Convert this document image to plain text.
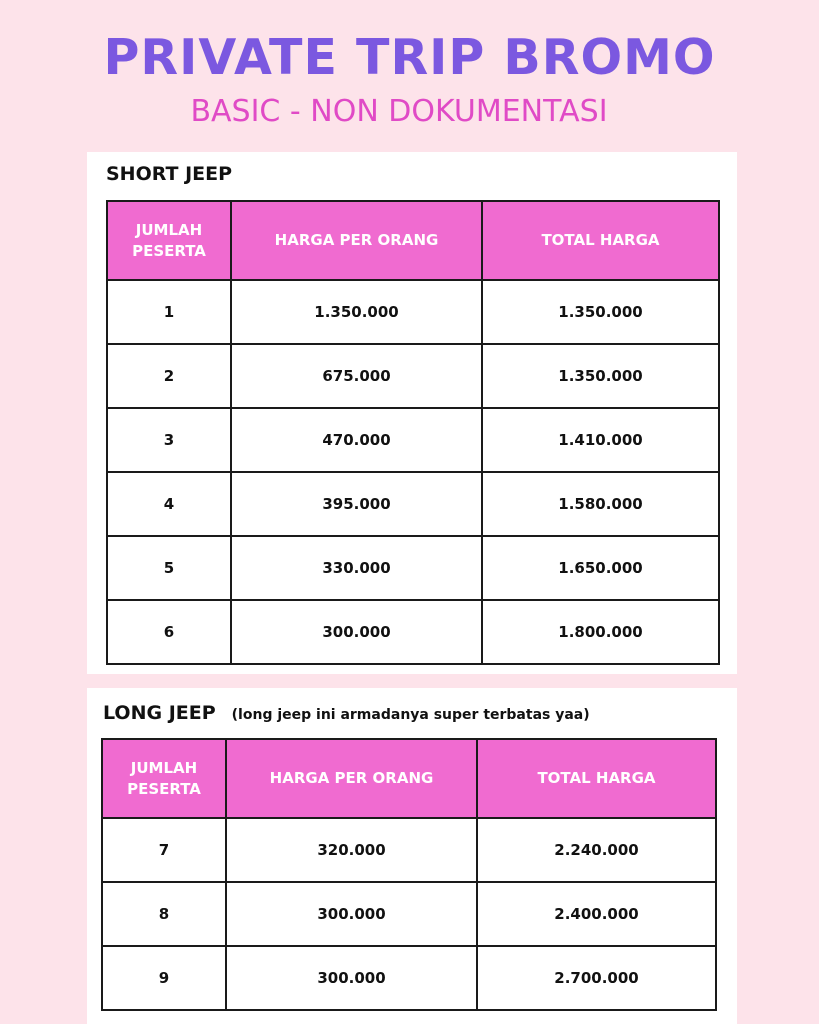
PRIVATE TRIP BROMO
BASIC - NON DOKUMENTASI
SHORT JEEP
JUMLAH PESERTA	HARGA PER ORANG	TOTAL HARGA
1	1.350.000	1.350.000
2	675.000	1.350.000
3	470.000	1.410.000
4	395.000	1.580.000
5	330.000	1.650.000
6	300.000	1.800.000
LONG JEEP (long jeep ini armadanya super terbatas yaa)
JUMLAH PESERTA	HARGA PER ORANG	TOTAL HARGA
7	320.000	2.240.000
8	300.000	2.400.000
9	300.000	2.700.000
